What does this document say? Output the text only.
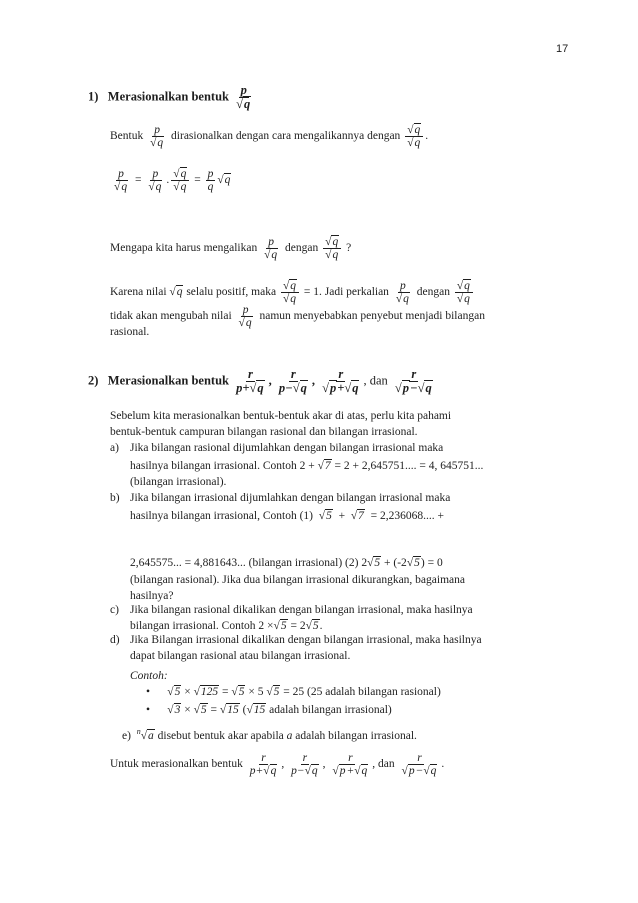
17
1) Merasionalkan bentuk $\frac{p}{√q}$
Bentuk $\frac{p}{√q}$ dirasionalkan dengan cara mengalikannya dengan $\frac{√q}{√q}$ .
$\frac{p}{√q} = \frac{p}{√q}$ . $\frac{√q}{√q} = \frac{p}{q} √q$
Mengapa kita harus mengalikan $\frac{p}{√q}$ dengan $\frac{√q}{√q}$ ?
Karena nilai √q selalu positif, maka $\frac{√q}{√q} = 1$. Jadi perkalian $\frac{p}{√q}$ dengan $\frac{√q}{√q}$
tidak akan mengubah nilai $\frac{p}{√q}$ namun menyebabkan penyebut menjadi bilangan
rasional.
2) Merasionalkan bentuk $\frac{r}{p+√q}$ , $\frac{r}{p-√q}$ , $\frac{r}{√p+√q}$ , dan $\frac{r}{√p-√q}$
Sebelum kita merasionalkan bentuk-bentuk akar di atas, perlu kita pahami
bentuk-bentuk campuran bilangan rasional dan bilangan irrasional.
a) Jika bilangan rasional dijumlahkan dengan bilangan irrasional maka
hasilnya bilangan irrasional. Contoh 2 + √7 = 2 + 2,645751.... = 4, 645751...
(bilangan irrasional).
b) Jika bilangan irrasional dijumlahkan dengan bilangan irrasional maka
hasilnya bilangan irrasional, Contoh (1) √5 + √7 = 2,236068.... +
2,645575... = 4,881643... (bilangan irrasional) (2) 2√5 + (-2√5) = 0
(bilangan rasional). Jika dua bilangan irrasional dikurangkan, bagaimana
hasilnya?
c) Jika bilangan rasional dikalikan dengan bilangan irrasional, maka hasilnya
bilangan irrasional. Contoh 2 ×√5 = 2√5.
d) Jika Bilangan irrasional dikalikan dengan bilangan irrasional, maka hasilnya
dapat bilangan rasional atau bilangan irrasional.
Contoh:
• √5 × √125 = √5 × 5 √5 = 25 (25 adalah bilangan rasional)
• √3 × √5 = √15 (√15 adalah bilangan irrasional)
e) $^n$√a disebut bentuk akar apabila a adalah bilangan irrasional.
Untuk merasionalkan bentuk $\frac{r}{p+√q}$ , $\frac{r}{p-√q}$ , $\frac{r}{√p+√q}$ , dan $\frac{r}{√p-√q}$ .
